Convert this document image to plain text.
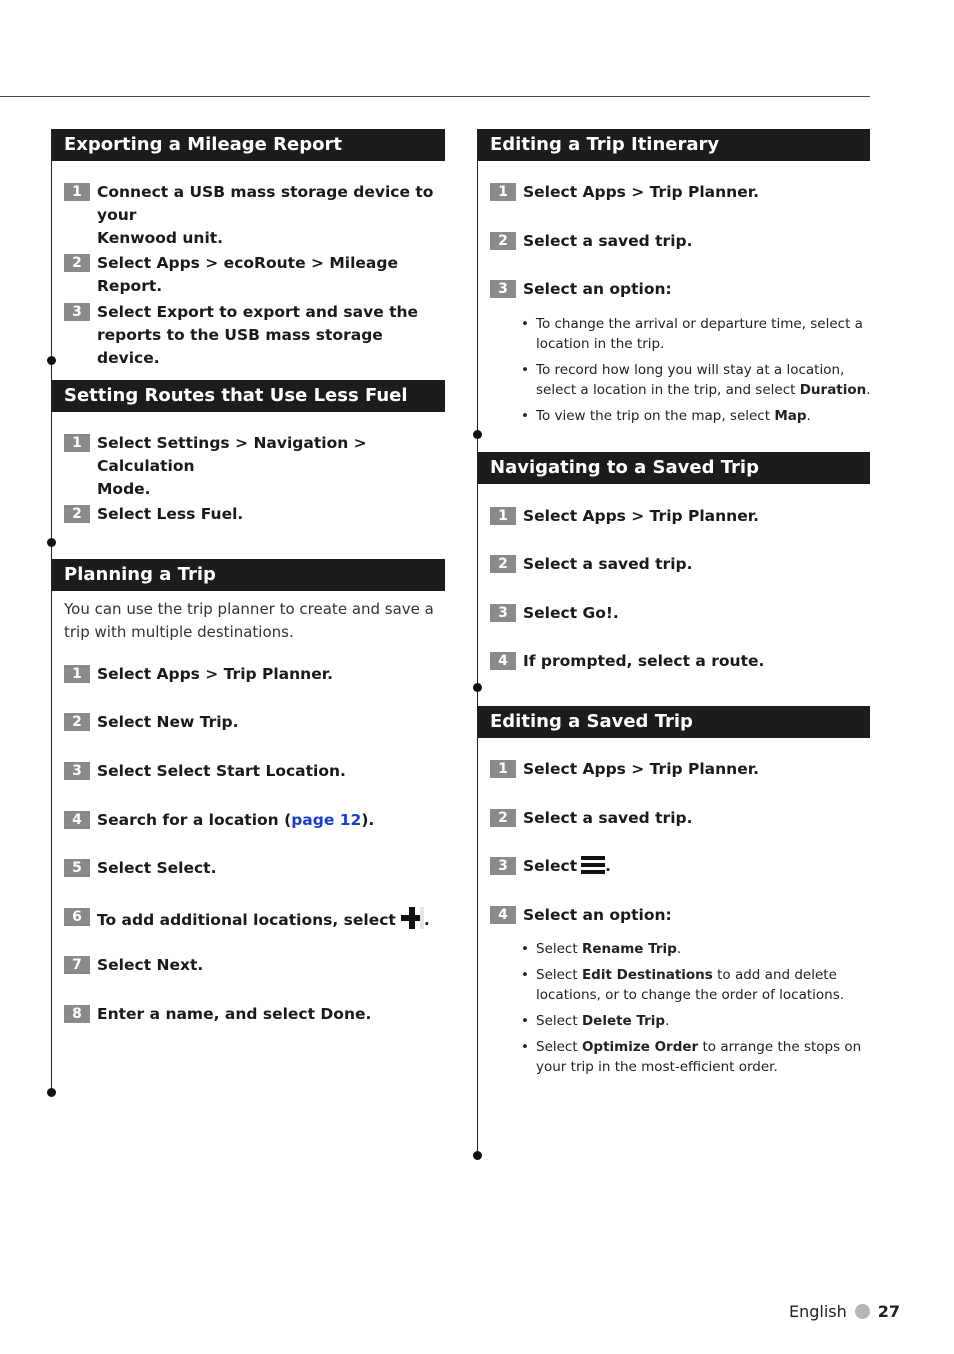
Exporting a Mileage Report
1 Connect a USB mass storage device to your
Kenwood unit.
2 Select Apps > ecoRoute > Mileage Report.
3 Select Export to export and save the
reports to the USB mass storage device.
Setting Routes that Use Less Fuel
1 Select Settings > Navigation > Calculation
Mode.
2 Select Less Fuel.
Planning a Trip
You can use the trip planner to create and save a
trip with multiple destinations.
1 Select Apps > Trip Planner.
2 Select New Trip.
3 Select Select Start Location.
4 Search for a location (page 12).
5 Select Select.
6 To add additional locations, select .
7 Select Next.
8 Enter a name, and select Done.
Editing a Trip Itinerary
1 Select Apps > Trip Planner.
2 Select a saved trip.
3 Select an option:
• To change the arrival or departure time, select a
location in the trip.
• To record how long you will stay at a location,
select a location in the trip, and select Duration.
• To view the trip on the map, select Map.
Navigating to a Saved Trip
1 Select Apps > Trip Planner.
2 Select a saved trip.
3 Select Go!.
4 If prompted, select a route.
Editing a Saved Trip
1 Select Apps > Trip Planner.
2 Select a saved trip.
3 Select .
4 Select an option:
• Select Rename Trip.
• Select Edit Destinations to add and delete
locations, or to change the order of locations.
• Select Delete Trip.
• Select Optimize Order to arrange the stops on
your trip in the most-efficient order.
English 27
